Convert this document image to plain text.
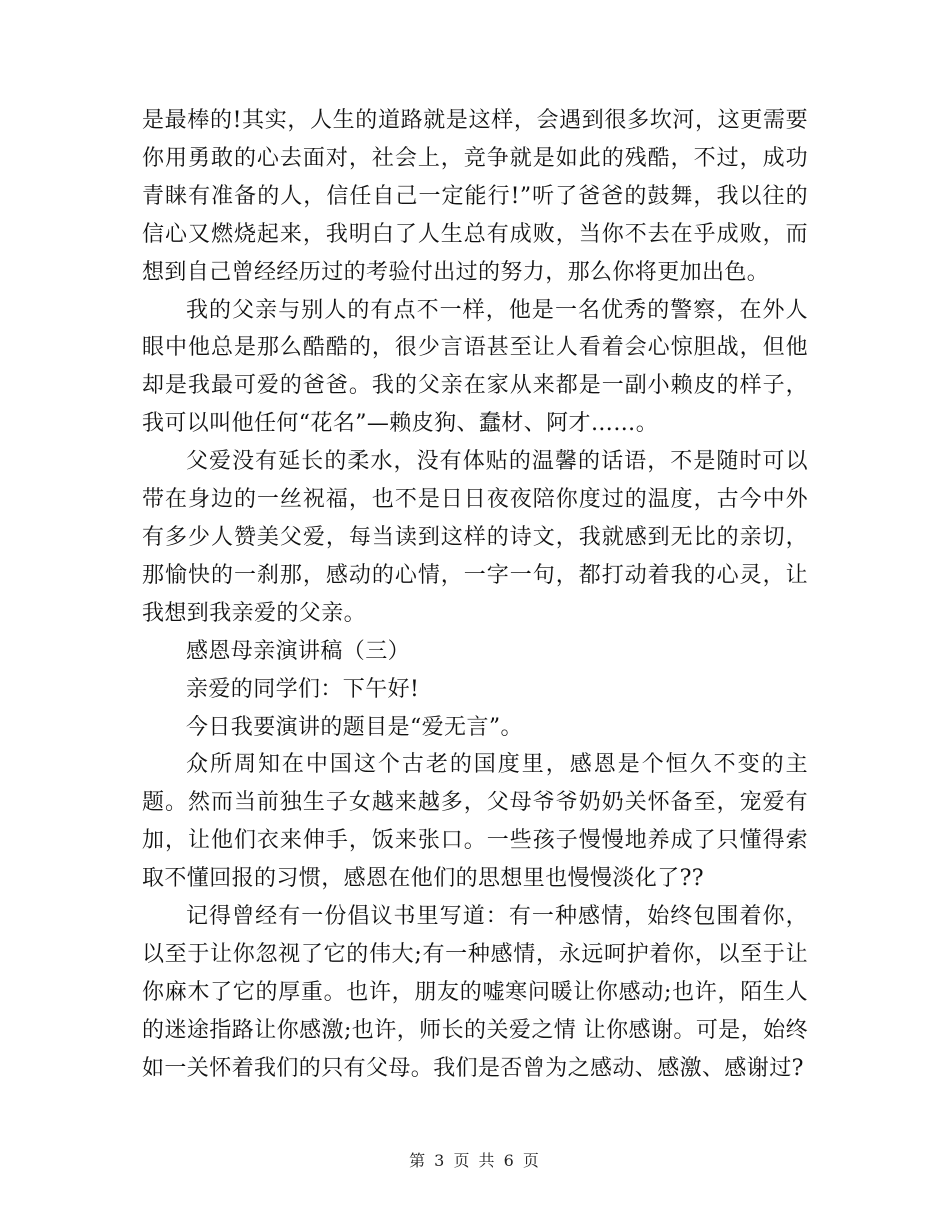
是最棒的!其实，人生的道路就是这样，会遇到很多坎河，这更需要你用勇敢的心去面对，社会上，竞争就是如此的残酷，不过，成功青睐有准备的人，信任自己一定能行!”听了爸爸的鼓舞，我以往的信心又燃烧起来，我明白了人生总有成败，当你不去在乎成败，而想到自己曾经经历过的考验付出过的努力，那么你将更加出色。

我的父亲与别人的有点不一样，他是一名优秀的警察，在外人眼中他总是那么酷酷的，很少言语甚至让人看着会心惊胆战，但他却是我最可爱的爸爸。我的父亲在家从来都是一副小赖皮的样子，我可以叫他任何“花名”—赖皮狗、蠢材、阿才……。

父爱没有延长的柔水，没有体贴的温馨的话语，不是随时可以带在身边的一丝祝福，也不是日日夜夜陪你度过的温度，古今中外有多少人赞美父爱，每当读到这样的诗文，我就感到无比的亲切，那愉快的一刹那，感动的心情，一字一句，都打动着我的心灵，让我想到我亲爱的父亲。

感恩母亲演讲稿（三）

亲爱的同学们：下午好!

今日我要演讲的题目是“爱无言”。

众所周知在中国这个古老的国度里，感恩是个恒久不变的主题。然而当前独生子女越来越多，父母爷爷奶奶关怀备至，宠爱有加，让他们衣来伸手，饭来张口。一些孩子慢慢地养成了只懂得索取不懂回报的习惯，感恩在他们的思想里也慢慢淡化了??

记得曾经有一份倡议书里写道：有一种感情，始终包围着你，以至于让你忽视了它的伟大;有一种感情，永远呵护着你，以至于让你麻木了它的厚重。也许，朋友的嘘寒问暖让你感动;也许，陌生人的迷途指路让你感激;也许，师长的关爱之情 让你感谢。可是，始终如一关怀着我们的只有父母。我们是否曾为之感动、感激、感谢过?

第 3 页 共 6 页
